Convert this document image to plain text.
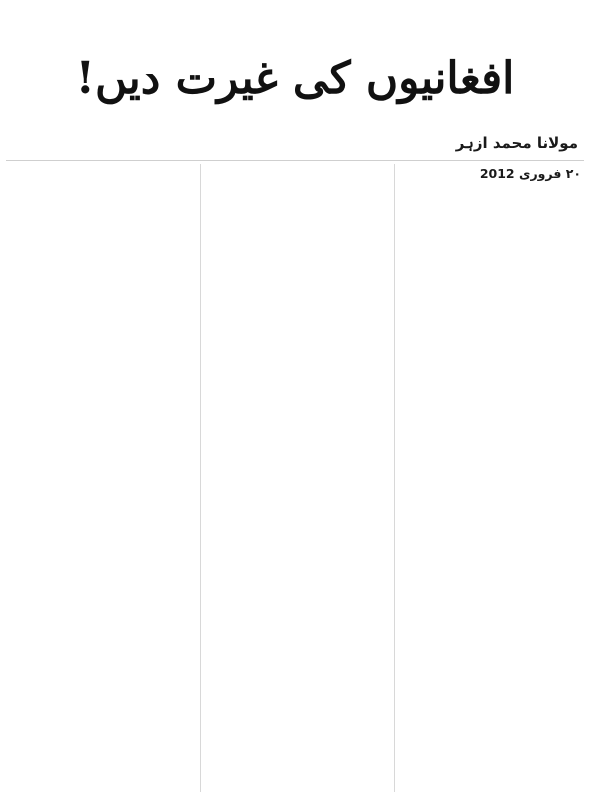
افغانیوں کی غیرت دیں!
مولانا محمد ازہر

۲۰ فروری 2012
